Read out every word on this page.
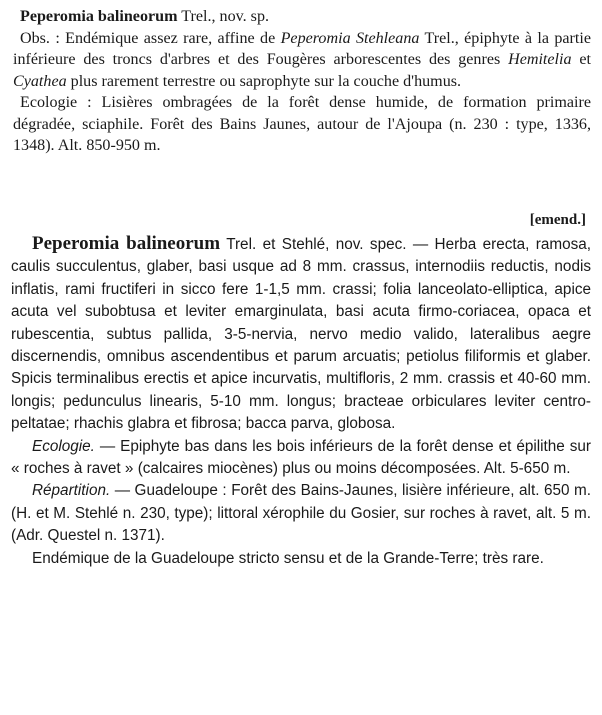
Peperomia balineorum Trel., nov. sp.

Obs. : Endémique assez rare, affine de Peperomia Stehleana Trel., épiphyte à la partie inférieure des troncs d'arbres et des Fougères arborescentes des genres Hemitelia et Cyathea plus rarement terrestre ou saprophyte sur la couche d'humus.

Ecologie : Lisières ombragées de la forêt dense humide, de formation primaire dégradée, sciaphile. Forêt des Bains Jaunes, autour de l'Ajoupa (n. 230 : type, 1336, 1348). Alt. 850-950 m.

[emend.]

Peperomia balineorum Trel. et Stehlé, nov. spec. — Herba erecta, ramosa, caulis succulentus, glaber, basi usque ad 8 mm. crassus, internodiis reductis, nodis inflatis, rami fructiferi in sicco fere 1-1,5 mm. crassi; folia lanceolato-elliptica, apice acuta vel subobtusa et leviter emarginulata, basi acuta firmo-coriacea, opaca et rubescentia, subtus pallida, 3-5-nervia, nervo medio valido, lateralibus aegre discernendis, omnibus ascendentibus et parum arcuatis; petiolus filiformis et glaber. Spicis terminalibus erectis et apice incurvatis, multifloris, 2 mm. crassis et 40-60 mm. longis; pedunculus linearis, 5-10 mm. longus; bracteae orbiculares leviter centro-peltatae; rhachis glabra et fibrosa; bacca parva, globosa.

Ecologie. — Epiphyte bas dans les bois inférieurs de la forêt dense et épilithe sur « roches à ravet » (calcaires miocènes) plus ou moins décomposées. Alt. 5-650 m.

Répartition. — Guadeloupe : Forêt des Bains-Jaunes, lisière inférieure, alt. 650 m. (H. et M. Stehlé n. 230, type); littoral xérophile du Gosier, sur roches à ravet, alt. 5 m. (Adr. Questel n. 1371).

Endémique de la Guadeloupe stricto sensu et de la Grande-Terre; très rare.
